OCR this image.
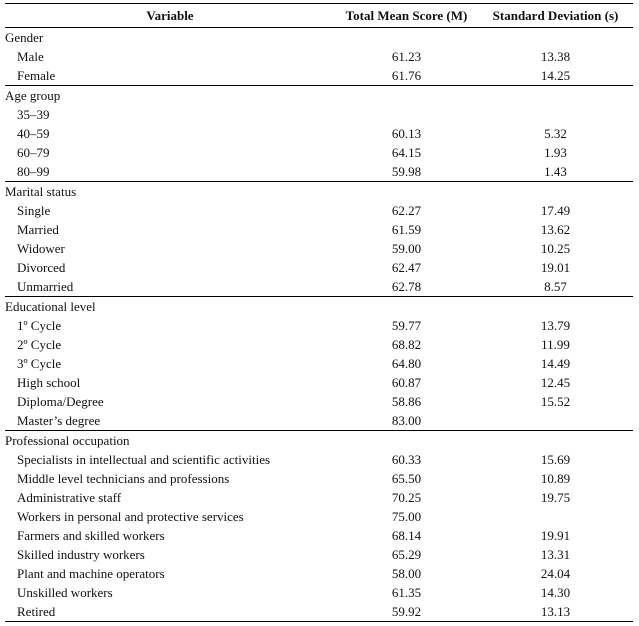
Variable	Total Mean Score (M)	Standard Deviation (s)
Gender		
Male	61.23	13.38
Female	61.76	14.25
Age group		
35–39		
40–59	60.13	5.32
60–79	64.15	1.93
80–99	59.98	1.43
Marital status		
Single	62.27	17.49
Married	61.59	13.62
Widower	59.00	10.25
Divorced	62.47	19.01
Unmarried	62.78	8.57
Educational level		
1º Cycle	59.77	13.79
2º Cycle	68.82	11.99
3º Cycle	64.80	14.49
High school	60.87	12.45
Diploma/Degree	58.86	15.52
Master’s degree	83.00	
Professional occupation		
Specialists in intellectual and scientific activities	60.33	15.69
Middle level technicians and professions	65.50	10.89
Administrative staff	70.25	19.75
Workers in personal and protective services	75.00	
Farmers and skilled workers	68.14	19.91
Skilled industry workers	65.29	13.31
Plant and machine operators	58.00	24.04
Unskilled workers	61.35	14.30
Retired	59.92	13.13
